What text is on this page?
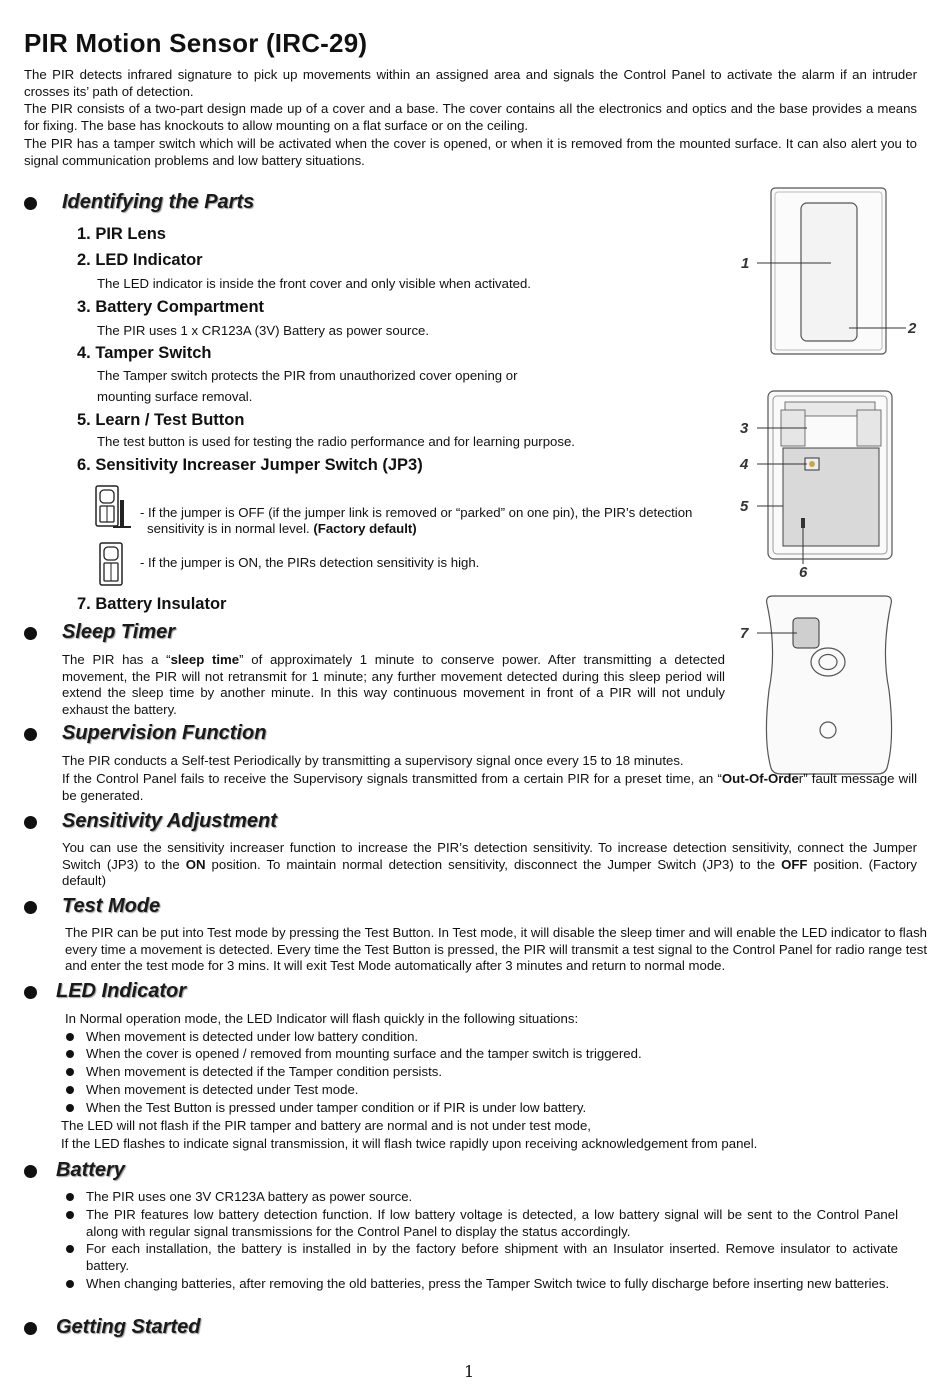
PIR Motion Sensor (IRC-29)

The PIR detects infrared signature to pick up movements within an assigned area and signals the Control Panel to activate the alarm if an intruder crosses its’ path of detection.

The PIR consists of a two-part design made up of a cover and a base. The cover contains all the electronics and optics and the base provides a means for fixing. The base has knockouts to allow mounting on a flat surface or on the ceiling.

The PIR has a tamper switch which will be activated when the cover is opened, or when it is removed from the mounted surface. It can also alert you to signal communication problems and low battery situations.

Identifying the Parts
1. PIR Lens
2. LED Indicator
The LED indicator is inside the front cover and only visible when activated.
3. Battery Compartment
The PIR uses 1 x CR123A (3V) Battery as power source.
4. Tamper Switch
The Tamper switch protects the PIR from unauthorized cover opening or
mounting surface removal.
5. Learn / Test Button
The test button is used for testing the radio performance and for learning purpose.
6. Sensitivity Increaser Jumper Switch (JP3)
- If the jumper is OFF (if the jumper link is removed or “parked” on one pin), the PIR’s detection
sensitivity is in normal level. (Factory default)
- If the jumper is ON, the PIRs detection sensitivity is high.
7. Battery Insulator
1
2
3
4
5
6
7
Sleep Timer

The PIR has a “sleep time” of approximately 1 minute to conserve power. After transmitting a detected movement, the PIR will not retransmit for 1 minute; any further movement detected during this sleep period will extend the sleep time by another minute. In this way continuous movement in front of a PIR will not unduly exhaust the battery.

Supervision Function

The PIR conducts a Self-test Periodically by transmitting a supervisory signal once every 15 to 18 minutes.

If the Control Panel fails to receive the Supervisory signals transmitted from a certain PIR for a preset time, an “Out-Of-Order” fault message will be generated.

Sensitivity Adjustment

You can use the sensitivity increaser function to increase the PIR’s detection sensitivity. To increase detection sensitivity, connect the Jumper Switch (JP3) to the ON position. To maintain normal detection sensitivity, disconnect the Jumper Switch (JP3) to the OFF position. (Factory default)

Test Mode

The PIR can be put into Test mode by pressing the Test Button. In Test mode, it will disable the sleep timer and will enable the LED indicator to flash every time a movement is detected. Every time the Test Button is pressed, the PIR will transmit a test signal to the Control Panel for radio range test and enter the test mode for 3 mins. It will exit Test Mode automatically after 3 minutes and return to normal mode.

LED Indicator

In Normal operation mode, the LED Indicator will flash quickly in the following situations:

When movement is detected under low battery condition.

When the cover is opened / removed from mounting surface and the tamper switch is triggered.

When movement is detected if the Tamper condition persists.

When movement is detected under Test mode.

When the Test Button is pressed under tamper condition or if PIR is under low battery.

The LED will not flash if the PIR tamper and battery are normal and is not under test mode,

If the LED flashes to indicate signal transmission, it will flash twice rapidly upon receiving acknowledgement from panel.

Battery

The PIR uses one 3V CR123A battery as power source.

The PIR features low battery detection function. If low battery voltage is detected, a low battery signal will be sent to the Control Panel along with regular signal transmissions for the Control Panel to display the status accordingly.

For each installation, the battery is installed in by the factory before shipment with an Insulator inserted. Remove insulator to activate battery.

When changing batteries, after removing the old batteries, press the Tamper Switch twice to fully discharge before inserting new batteries.

Getting Started
1
